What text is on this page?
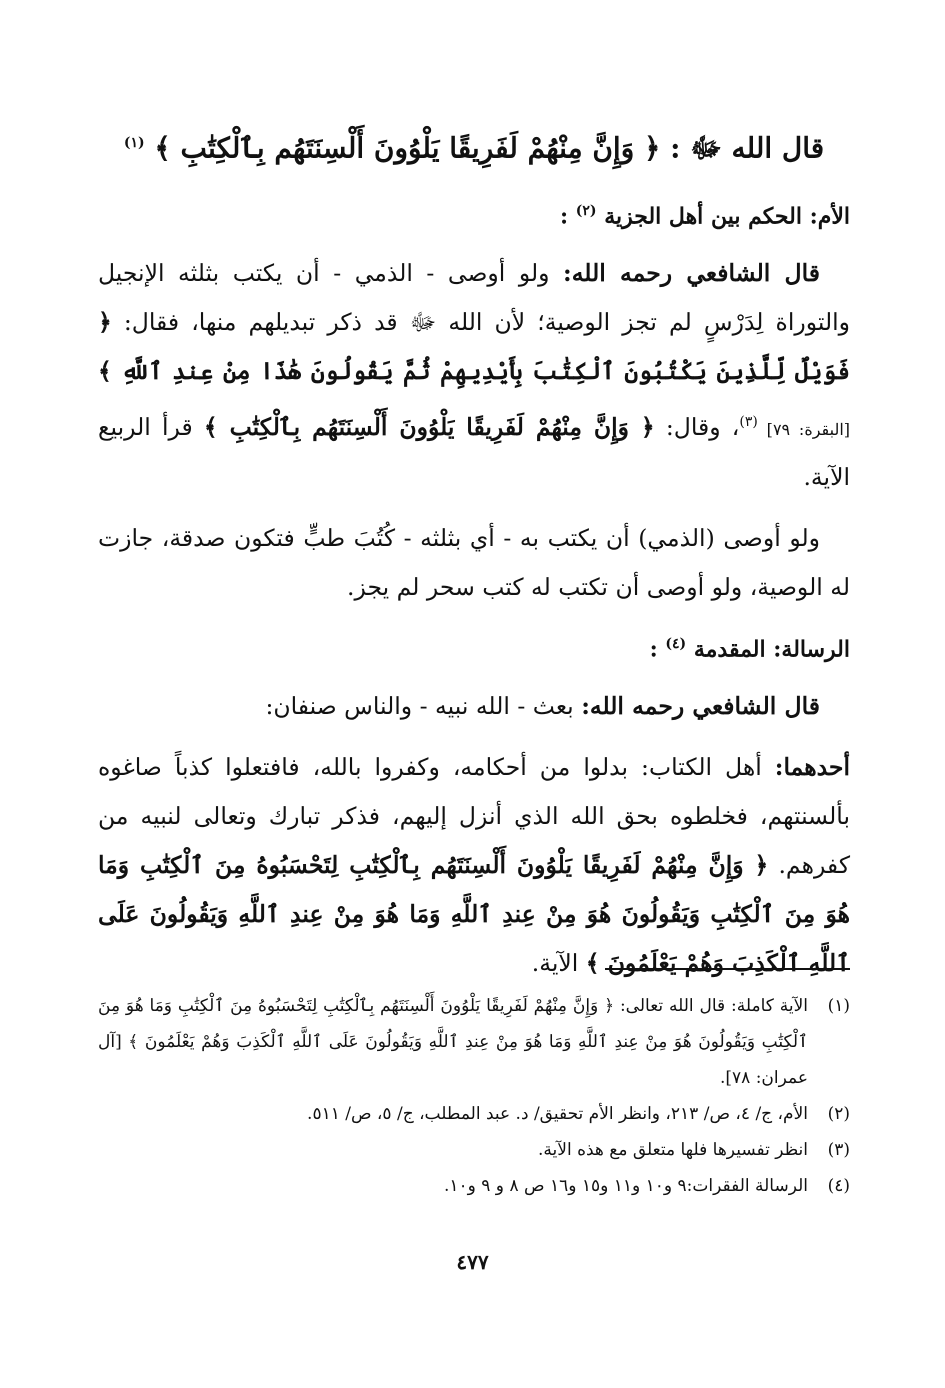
قال الله ﷻ : ﴿ وَإِنَّ مِنْهُمْ لَفَرِيقًا يَلْوُونَ أَلْسِنَتَهُم بِٱلْكِتَٰبِ ﴾ $^{(١)}$
الأم: الحكم بين أهل الجزية $^{(٢)}$ :

قال الشافعي رحمه الله: ولو أوصى - الذمي - أن يكتب بثلثه الإنجيل والتوراة لِدَرْسٍ لم تجز الوصية؛ لأن الله ﷻ قد ذكر تبديلهم منها، فقال: ﴿ فَوَيْلٌ لِّلَّذِينَ يَكْتُبُونَ ٱلْكِتَٰبَ بِأَيْدِيهِمْ ثُمَّ يَقُولُونَ هَٰذَا مِنْ عِندِ ٱللَّهِ ﴾ [البقرة: ٧٩] $^{(٣)}$، وقال: ﴿ وَإِنَّ مِنْهُمْ لَفَرِيقًا يَلْوُونَ أَلْسِنَتَهُم بِٱلْكِتَٰبِ ﴾ قرأ الربيع الآية.

ولو أوصى (الذمي) أن يكتب به - أي بثلثه - كُتُبَ طبٍّ فتكون صدقة، جازت له الوصية، ولو أوصى أن تكتب له كتب سحر لم يجز.

الرسالة: المقدمة $^{(٤)}$ :

قال الشافعي رحمه الله: بعث - الله نبيه - والناس صنفان:

أحدهما: أهل الكتاب: بدلوا من أحكامه، وكفروا بالله، فافتعلوا كذباً صاغوه بألسنتهم، فخلطوه بحق الله الذي أنزل إليهم، فذكر تبارك وتعالى لنبيه من كفرهم. ﴿ وَإِنَّ مِنْهُمْ لَفَرِيقًا يَلْوُونَ أَلْسِنَتَهُم بِٱلْكِتَٰبِ لِتَحْسَبُوهُ مِنَ ٱلْكِتَٰبِ وَمَا هُوَ مِنَ ٱلْكِتَٰبِ وَيَقُولُونَ هُوَ مِنْ عِندِ ٱللَّهِ وَمَا هُوَ مِنْ عِندِ ٱللَّهِ وَيَقُولُونَ عَلَى ٱللَّهِ ٱلْكَذِبَ وَهُمْ يَعْلَمُونَ ﴾ الآية.

(١)
الآية كاملة: قال الله تعالى: ﴿ وَإِنَّ مِنْهُمْ لَفَرِيقًا يَلْوُونَ أَلْسِنَتَهُم بِٱلْكِتَٰبِ لِتَحْسَبُوهُ مِنَ ٱلْكِتَٰبِ وَمَا هُوَ مِنَ ٱلْكِتَٰبِ وَيَقُولُونَ هُوَ مِنْ عِندِ ٱللَّهِ وَمَا هُوَ مِنْ عِندِ ٱللَّهِ وَيَقُولُونَ عَلَى ٱللَّهِ ٱلْكَذِبَ وَهُمْ يَعْلَمُونَ ﴾ [آل عمران: ٧٨].
(٢)
الأم، ج/ ٤، ص/ ٢١٣، وانظر الأم تحقيق/ د. عبد المطلب، ج/ ٥، ص/ ٥١١.
(٣)
انظر تفسيرها فلها متعلق مع هذه الآية.
(٤)
الرسالة الفقرات:٩ و١٠ و١١ و١٥ و١٦ ص ٨ و ٩ و١٠.
٤٧٧
